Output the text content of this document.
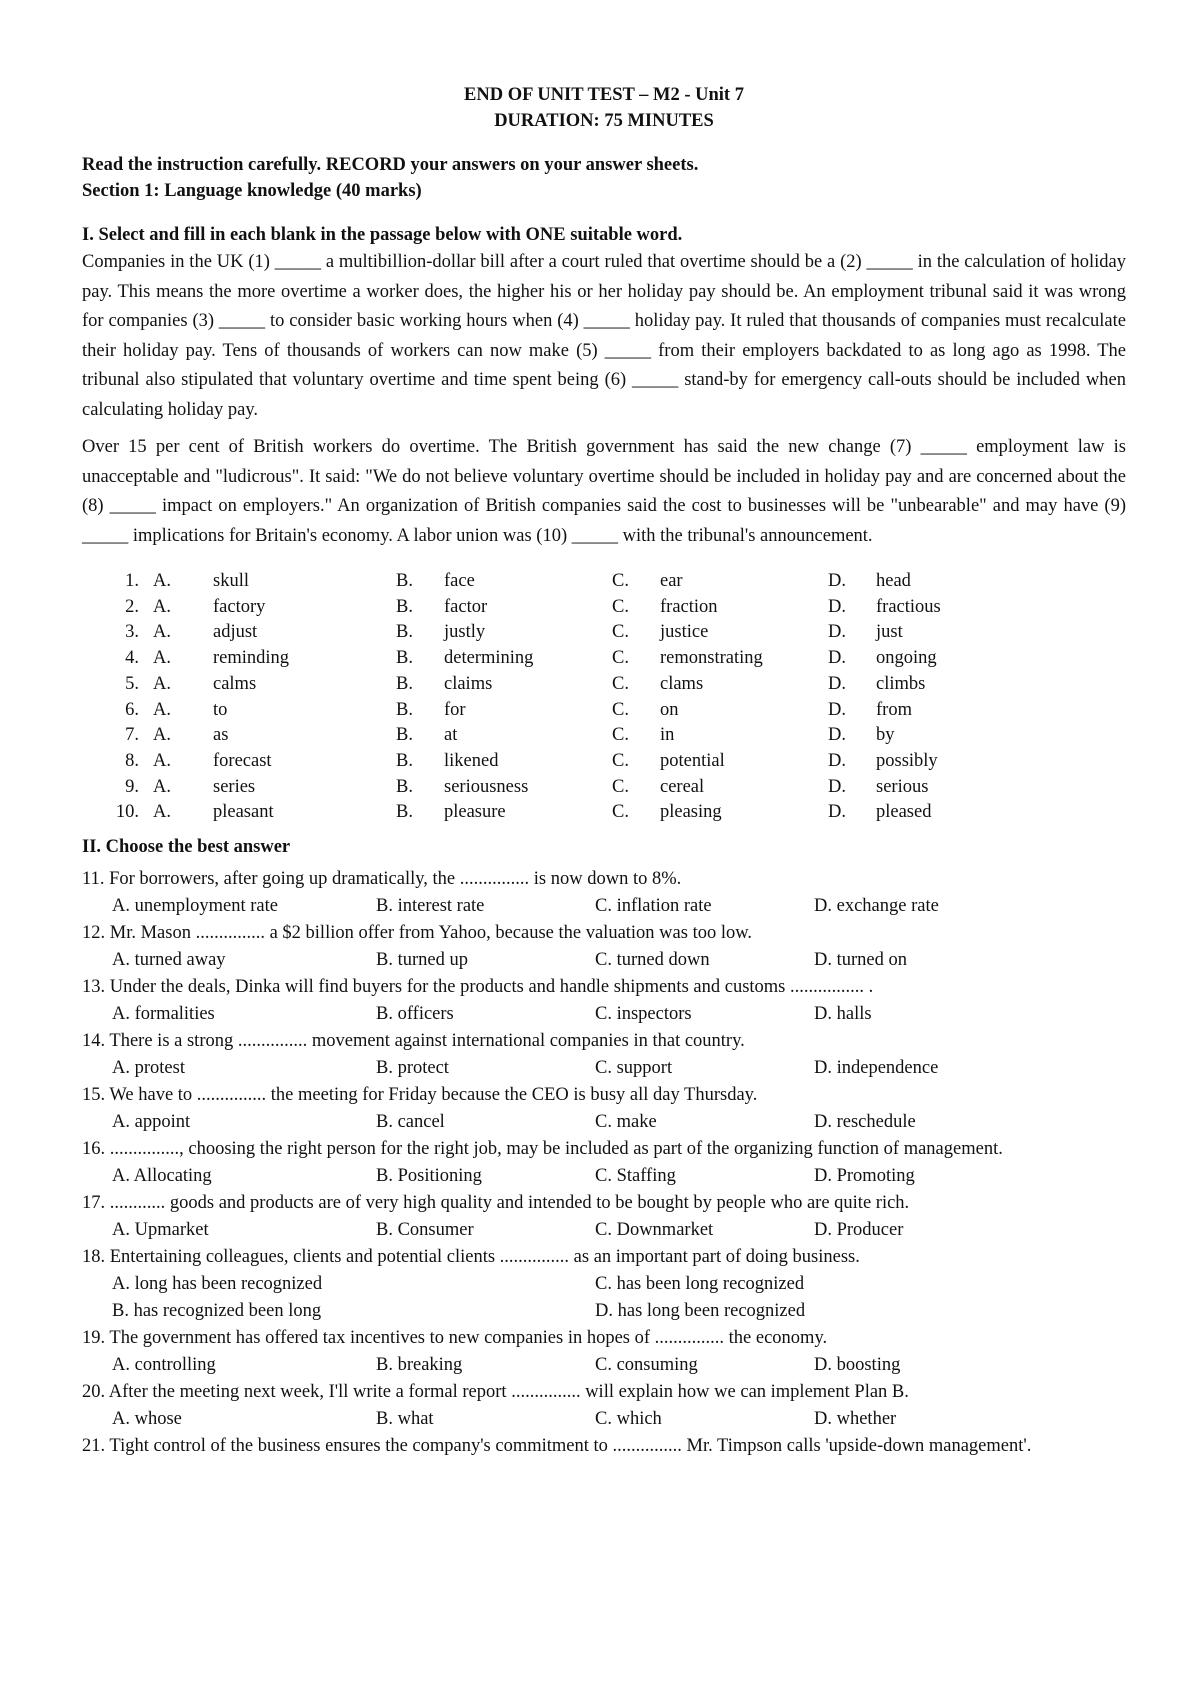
END OF UNIT TEST – M2 - Unit 7
DURATION: 75 MINUTES
Read the instruction carefully. RECORD your answers on your answer sheets.
Section 1: Language knowledge (40 marks)
I. Select and fill in each blank in the passage below with ONE suitable word.

Companies in the UK (1) _____ a multibillion-dollar bill after a court ruled that overtime should be a (2) _____ in the calculation of holiday pay. This means the more overtime a worker does, the higher his or her holiday pay should be. An employment tribunal said it was wrong for companies (3) _____ to consider basic working hours when (4) _____ holiday pay. It ruled that thousands of companies must recalculate their holiday pay. Tens of thousands of workers can now make (5) _____ from their employers backdated to as long ago as 1998. The tribunal also stipulated that voluntary overtime and time spent being (6) _____ stand-by for emergency call-outs should be included when calculating holiday pay.

Over 15 per cent of British workers do overtime. The British government has said the new change (7) _____ employment law is unacceptable and "ludicrous". It said: "We do not believe voluntary overtime should be included in holiday pay and are concerned about the (8) _____ impact on employers." An organization of British companies said the cost to businesses will be "unbearable" and may have (9) _____ implications for Britain's economy. A labor union was (10) _____ with the tribunal's announcement.

1.	A.	skull	B.	face	C.	ear	D.	head
2.	A.	factory	B.	factor	C.	fraction	D.	fractious
3.	A.	adjust	B.	justly	C.	justice	D.	just
4.	A.	reminding	B.	determining	C.	remonstrating	D.	ongoing
5.	A.	calms	B.	claims	C.	clams	D.	climbs
6.	A.	to	B.	for	C.	on	D.	from
7.	A.	as	B.	at	C.	in	D.	by
8.	A.	forecast	B.	likened	C.	potential	D.	possibly
9.	A.	series	B.	seriousness	C.	cereal	D.	serious
10.	A.	pleasant	B.	pleasure	C.	pleasing	D.	pleased
II. Choose the best answer
11. For borrowers, after going up dramatically, the ............... is now down to 8%.
A. unemployment rate	B. interest rate	C. inflation rate	D. exchange rate
12. Mr. Mason ............... a $2 billion offer from Yahoo, because the valuation was too low.
A. turned away	B. turned up	C. turned down	D. turned on
13. Under the deals, Dinka will find buyers for the products and handle shipments and customs ................ .
A. formalities	B. officers	C. inspectors	D. halls
14. There is a strong ............... movement against international companies in that country.
A. protest	B. protect	C. support	D. independence
15. We have to ............... the meeting for Friday because the CEO is busy all day Thursday.
A. appoint	B. cancel	C. make	D. reschedule
16. ..............., choosing the right person for the right job, may be included as part of the organizing function of management.
A. Allocating	B. Positioning	C. Staffing	D. Promoting
17. ............ goods and products are of very high quality and intended to be bought by people who are quite rich.
A. Upmarket	B. Consumer	C. Downmarket	D. Producer
18. Entertaining colleagues, clients and potential clients ............... as an important part of doing business.
A. long has been recognized	C. has been long recognized
B. has recognized been long	D. has long been recognized
19. The government has offered tax incentives to new companies in hopes of ............... the economy.
A. controlling	B. breaking	C. consuming	D. boosting
20. After the meeting next week, I'll write a formal report ............... will explain how we can implement Plan B.
A. whose	B. what	C. which	D. whether
21. Tight control of the business ensures the company's commitment to ............... Mr. Timpson calls 'upside-down management'.
